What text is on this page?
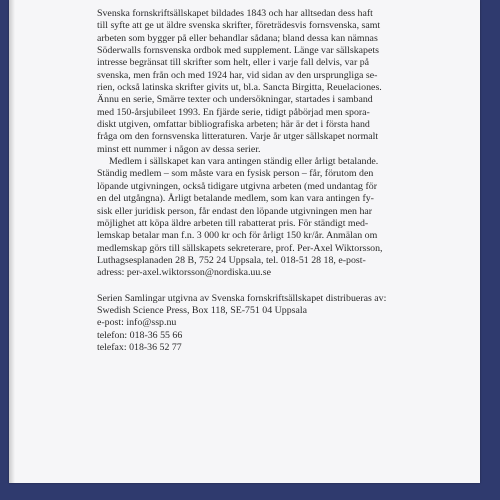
Svenska fornskriftsällskapet bildades 1843 och har alltsedan dess haft
till syfte att ge ut äldre svenska skrifter, företrädesvis fornsvenska, samt
arbeten som bygger på eller behandlar sådana; bland dessa kan nämnas
Söderwalls fornsvenska ordbok med supplement. Länge var sällskapets
intresse begränsat till skrifter som helt, eller i varje fall delvis, var på
svenska, men från och med 1924 har, vid sidan av den ursprungliga se-
rien, också latinska skrifter givits ut, bl.a. Sancta Birgitta, Reuelaciones.
Ännu en serie, Smärre texter och undersökningar, startades i samband
med 150-årsjubileet 1993. En fjärde serie, tidigt påbörjad men spora-
diskt utgiven, omfattar bibliografiska arbeten; här är det i första hand
fråga om den fornsvenska litteraturen. Varje år utger sällskapet normalt
minst ett nummer i någon av dessa serier.
Medlem i sällskapet kan vara antingen ständig eller årligt betalande.
Ständig medlem – som måste vara en fysisk person – får, förutom den
löpande utgivningen, också tidigare utgivna arbeten (med undantag för
en del utgångna). Årligt betalande medlem, som kan vara antingen fy-
sisk eller juridisk person, får endast den löpande utgivningen men har
möjlighet att köpa äldre arbeten till rabatterat pris. För ständigt med-
lemskap betalar man f.n. 3 000 kr och för årligt 150 kr/år. Anmälan om
medlemskap görs till sällskapets sekreterare, prof. Per-Axel Wiktorsson,
Luthagsesplanaden 28 B, 752 24 Uppsala, tel. 018-51 28 18, e-post-
adress: per-axel.wiktorsson@nordiska.uu.se
Serien Samlingar utgivna av Svenska fornskriftsällskapet distribueras av:
Swedish Science Press, Box 118, SE-751 04 Uppsala
e-post: info@ssp.nu
telefon: 018-36 55 66
telefax: 018-36 52 77
